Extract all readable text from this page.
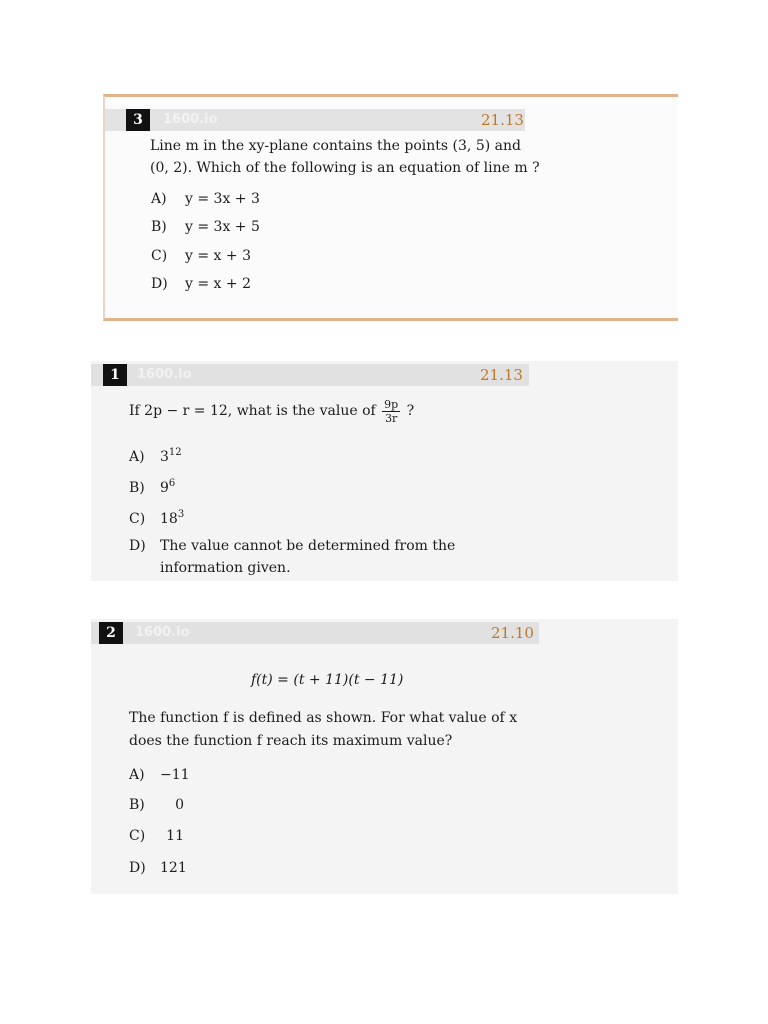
3	1600.io	21.13
Line m in the xy-plane contains the points (3, 5) and
(0, 2). Which of the following is an equation of line m ?
A) y = 3x + 3
B) y = 3x + 5
C) y = x + 3
D) y = x + 2
1	1600.io	21.13
If 2p − r = 12, what is the value of $\frac{9p}{3r}$ ?
A) $3^{12}$
B) $9^6$
C) $18^3$
D) The value cannot be determined from the
information given.
2	1600.io	21.10
f(t) = (t + 11)(t − 11)
The function f is defined as shown. For what value of x
does the function f reach its maximum value?
A) −11
B) 0
C) 11
D) 121
